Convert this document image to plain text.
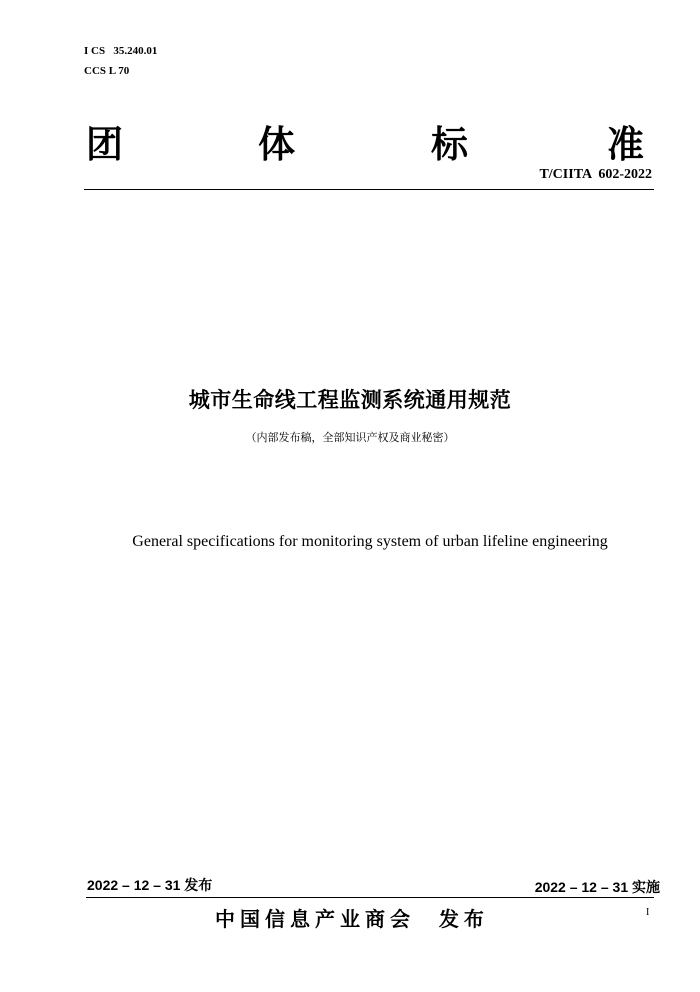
I CS   35.240.01
CCS L 70
团	体	标	准
T/CIITA  602-2022
城市生命线工程监测系统通用规范
（内部发布稿，全部知识产权及商业秘密）
General specifications for monitoring system of urban lifeline engineering
2022 – 12 – 31 发布	2022 – 12 – 31 实施
中国信息产业商会  发布	I
